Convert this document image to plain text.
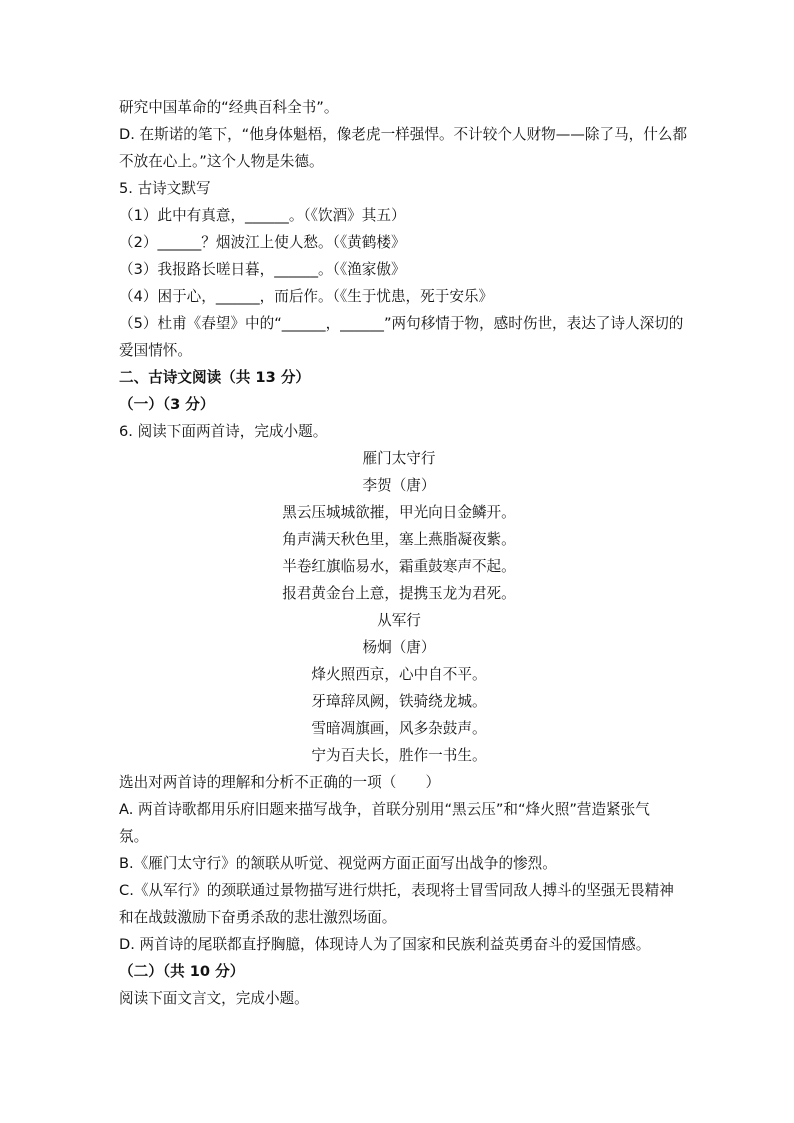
研究中国革命的“经典百科全书”。

D. 在斯诺的笔下，“他身体魁梧，像老虎一样强悍。不计较个人财物——除了马，什么都

不放在心上。”这个人物是朱德。

5. 古诗文默写

（1）此中有真意，______。（《饮酒》其五）

（2）______？烟波江上使人愁。（《黄鹤楼》

（3）我报路长嗟日暮，______。（《渔家傲》

（4）困于心，______，而后作。（《生于忧患，死于安乐》

（5）杜甫《春望》中的“______，______”两句移情于物，感时伤世，表达了诗人深切的

爱国情怀。

二、古诗文阅读（共 13 分）

（一）（3 分）

6. 阅读下面两首诗，完成小题。

雁门太守行

李贺（唐）

黑云压城城欲摧，甲光向日金鳞开。

角声满天秋色里，塞上燕脂凝夜紫。

半卷红旗临易水，霜重鼓寒声不起。

报君黄金台上意，提携玉龙为君死。

从军行

杨炯（唐）

烽火照西京，心中自不平。

牙璋辞凤阙，铁骑绕龙城。

雪暗凋旗画，风多杂鼓声。

宁为百夫长，胜作一书生。

选出对两首诗的理解和分析不正确的一项（　　）

A. 两首诗歌都用乐府旧题来描写战争，首联分别用“黑云压”和“烽火照”营造紧张气氛。

B.《雁门太守行》的颔联从听觉、视觉两方面正面写出战争的惨烈。

C.《从军行》的颈联通过景物描写进行烘托，表现将士冒雪同敌人搏斗的坚强无畏精神和在战鼓激励下奋勇杀敌的悲壮激烈场面。

D. 两首诗的尾联都直抒胸臆，体现诗人为了国家和民族利益英勇奋斗的爱国情感。

（二）（共 10 分）

阅读下面文言文，完成小题。
